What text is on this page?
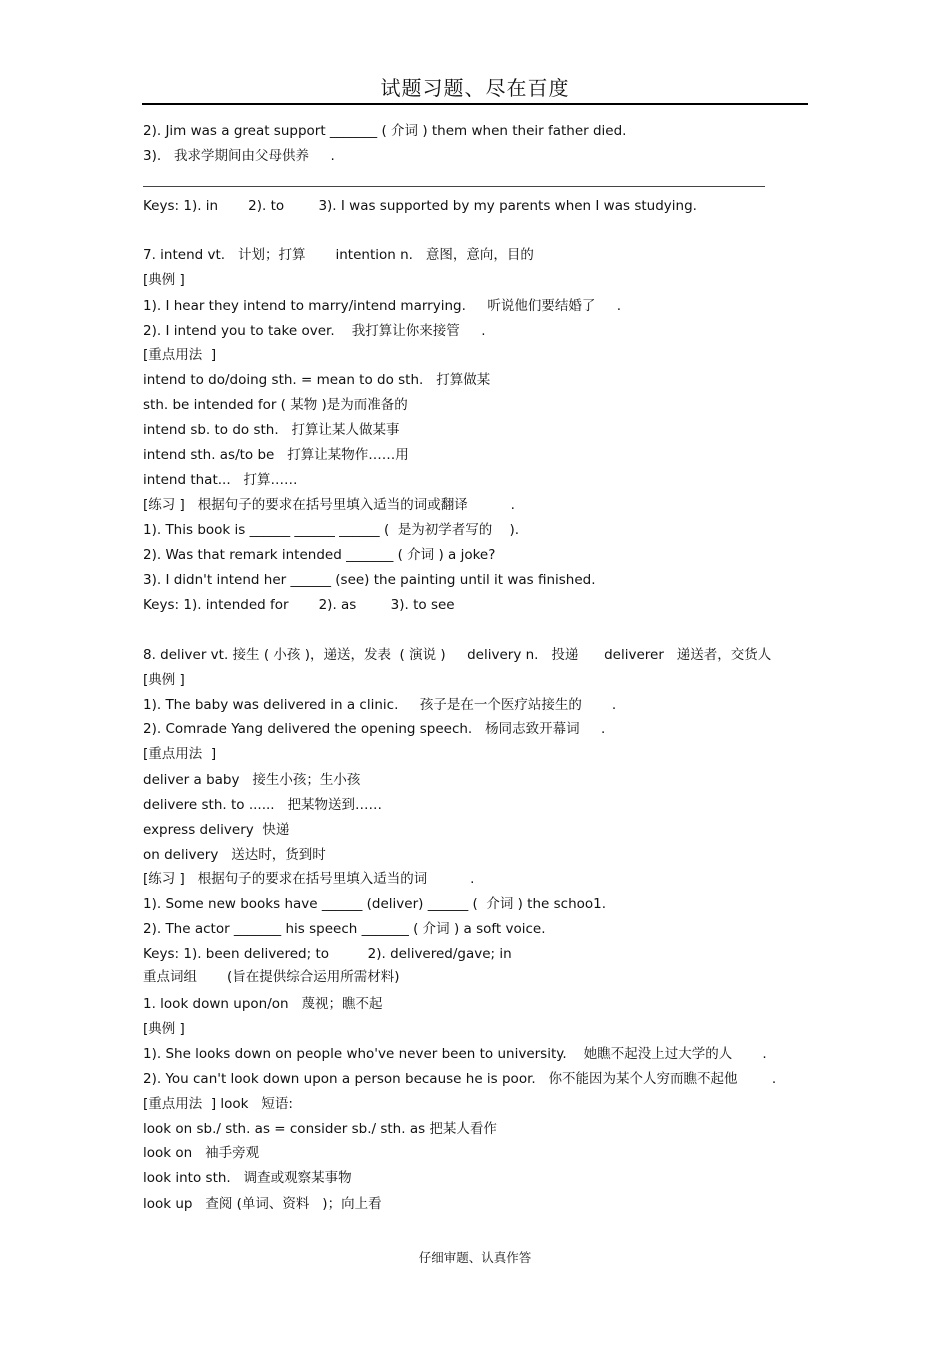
试题习题、尽在百度
2). Jim was a great support _______ ( 介词 ) them when their father died.
3).   我求学期间由父母供养     .
Keys: 1). in       2). to        3). I was supported by my parents when I was studying.
7. intend vt.   计划；打算       intention n.   意图，意向，目的
[典例 ]
1). I hear they intend to marry/intend marrying.     听说他们要结婚了     .
2). I intend you to take over.    我打算让你来接管     .
[重点用法  ]
intend to do/doing sth. = mean to do sth.   打算做某
sth. be intended for ( 某物 )是为而准备的
intend sb. to do sth.   打算让某人做某事
intend sth. as/to be   打算让某物作……用
intend that...   打算……
[练习 ]   根据句子的要求在括号里填入适当的词或翻译          .
1). This book is ______ ______ ______ (  是为初学者写的    ).
2). Was that remark intended _______ ( 介词 ) a joke?
3). I didn't intend her ______ (see) the painting until it was finished.
Keys: 1). intended for       2). as        3). to see
8. deliver vt. 接生 ( 小孩 )，递送，发表  ( 演说 )     delivery n.   投递      deliverer   递送者，交货人
[典例 ]
1). The baby was delivered in a clinic.     孩子是在一个医疗站接生的       .
2). Comrade Yang delivered the opening speech.   杨同志致开幕词     .
[重点用法  ]
deliver a baby   接生小孩；生小孩
delivere sth. to ......   把某物送到……
express delivery  快递
on delivery   送达时，货到时
[练习 ]   根据句子的要求在括号里填入适当的词          .
1). Some new books have ______ (deliver) ______ (  介词 ) the schoo1.
2). The actor _______ his speech _______ ( 介词 ) a soft voice.
Keys: 1). been delivered; to         2). delivered/gave; in
重点词组       (旨在提供综合运用所需材料)
1. look down upon/on   蔑视；瞧不起
[典例 ]
1). She looks down on people who've never been to university.    她瞧不起没上过大学的人       .
2). You can't look down upon a person because he is poor.   你不能因为某个人穷而瞧不起他        .
[重点用法  ] look   短语:
look on sb./ sth. as = consider sb./ sth. as 把某人看作
look on   袖手旁观
look into sth.   调查或观察某事物
look up   查阅 (单词、资料   )；向上看
仔细审题、认真作答
